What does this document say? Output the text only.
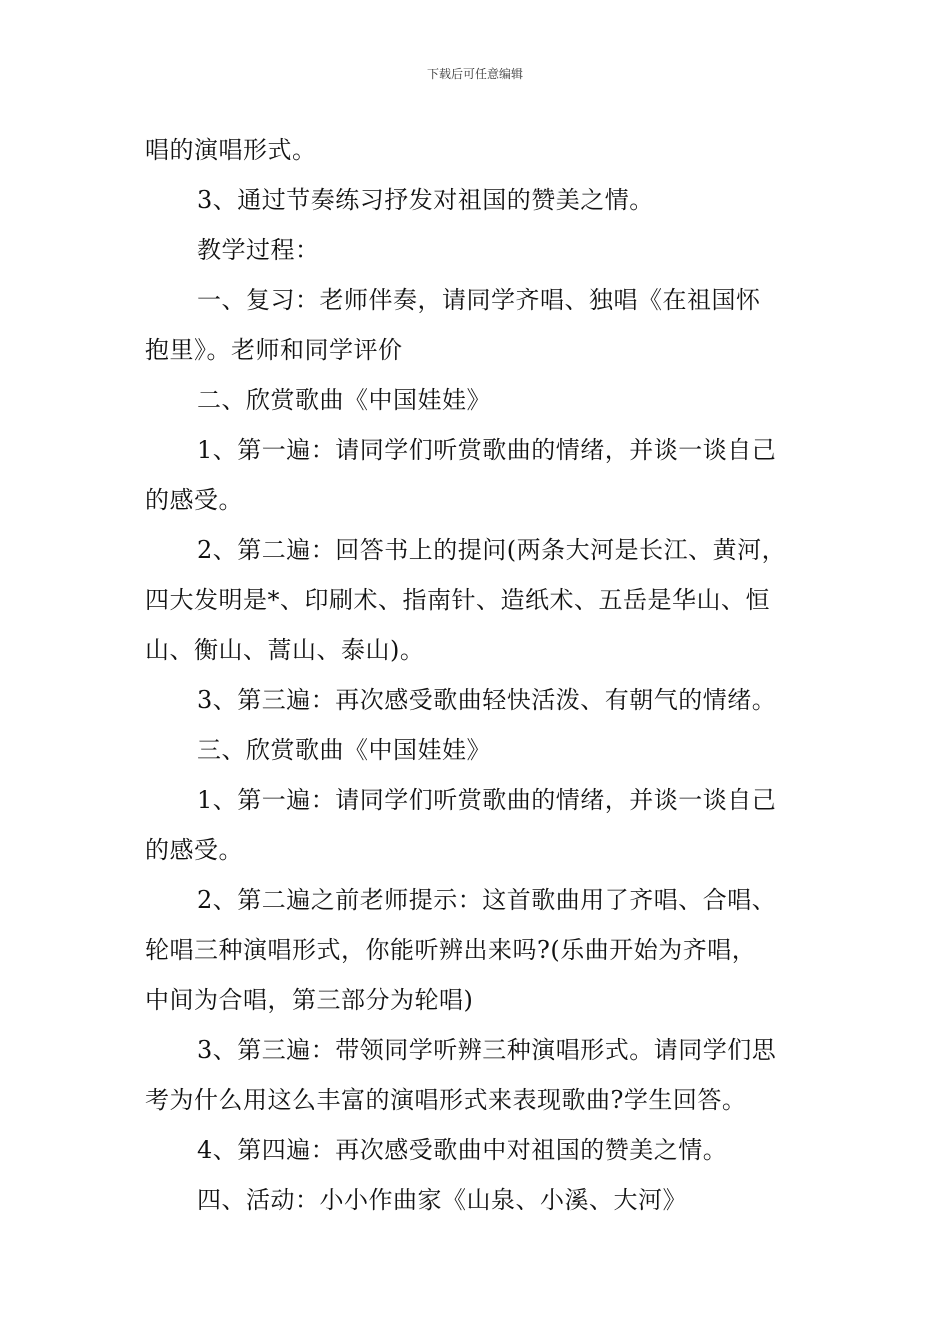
下载后可任意编辑
唱的演唱形式。
3、通过节奏练习抒发对祖国的赞美之情。
教学过程：
一、复习：老师伴奏，请同学齐唱、独唱《在祖国怀
抱里》。老师和同学评价
二、欣赏歌曲《中国娃娃》
1、第一遍：请同学们听赏歌曲的情绪，并谈一谈自己
的感受。
2、第二遍：回答书上的提问(两条大河是长江、黄河，
四大发明是*、印刷术、指南针、造纸术、五岳是华山、恒
山、衡山、蒿山、泰山)。
3、第三遍：再次感受歌曲轻快活泼、有朝气的情绪。
三、欣赏歌曲《中国娃娃》
1、第一遍：请同学们听赏歌曲的情绪，并谈一谈自己
的感受。
2、第二遍之前老师提示：这首歌曲用了齐唱、合唱、
轮唱三种演唱形式，你能听辨出来吗?(乐曲开始为齐唱，
中间为合唱，第三部分为轮唱)
3、第三遍：带领同学听辨三种演唱形式。请同学们思
考为什么用这么丰富的演唱形式来表现歌曲?学生回答。
4、第四遍：再次感受歌曲中对祖国的赞美之情。
四、活动：小小作曲家《山泉、小溪、大河》
